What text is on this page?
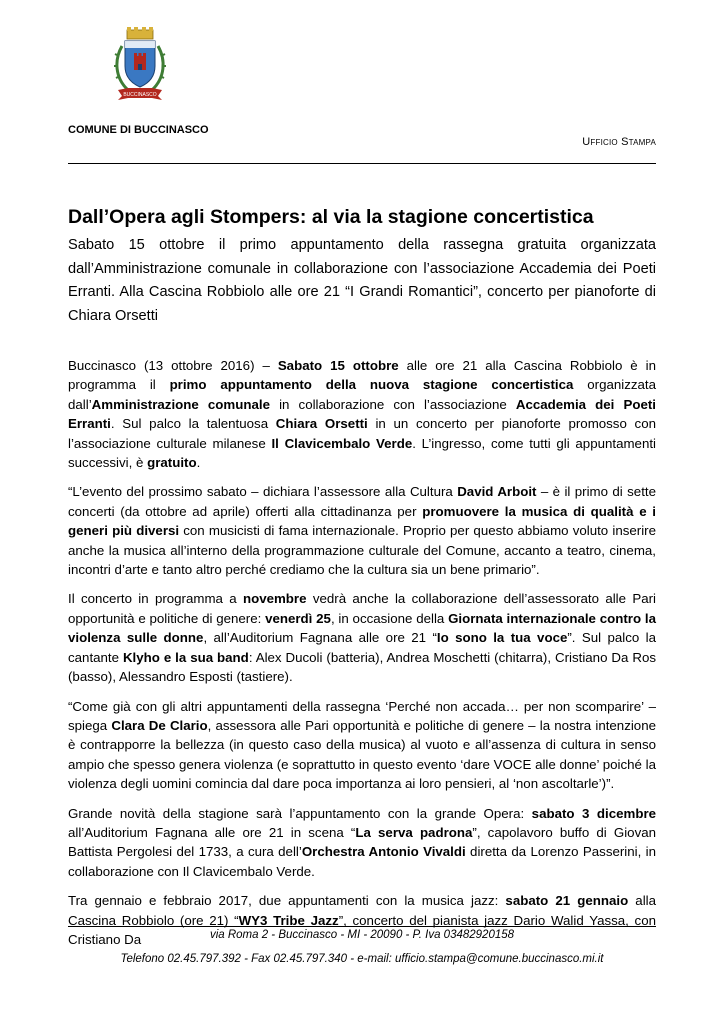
BUCCINASCO
COMUNE DI BUCCINASCO
Ufficio Stampa
Dall’Opera agli Stompers: al via la stagione concertistica
Sabato 15 ottobre il primo appuntamento della rassegna gratuita organizzata dall’Amministrazione comunale in collaborazione con l’associazione Accademia dei Poeti Erranti. Alla Cascina Robbiolo alle ore 21 “I Grandi Romantici”, concerto per pianoforte di Chiara Orsetti

Buccinasco (13 ottobre 2016) – Sabato 15 ottobre alle ore 21 alla Cascina Robbiolo è in programma il primo appuntamento della nuova stagione concertistica organizzata dall’Amministrazione comunale in collaborazione con l’associazione Accademia dei Poeti Erranti. Sul palco la talentuosa Chiara Orsetti in un concerto per pianoforte promosso con l’associazione culturale milanese Il Clavicembalo Verde. L’ingresso, come tutti gli appuntamenti successivi, è gratuito.

“L’evento del prossimo sabato – dichiara l’assessore alla Cultura David Arboit – è il primo di sette concerti (da ottobre ad aprile) offerti alla cittadinanza per promuovere la musica di qualità e i generi più diversi con musicisti di fama internazionale. Proprio per questo abbiamo voluto inserire anche la musica all’interno della programmazione culturale del Comune, accanto a teatro, cinema, incontri d’arte e tanto altro perché crediamo che la cultura sia un bene primario”.

Il concerto in programma a novembre vedrà anche la collaborazione dell’assessorato alle Pari opportunità e politiche di genere: venerdì 25, in occasione della Giornata internazionale contro la violenza sulle donne, all’Auditorium Fagnana alle ore 21 “Io sono la tua voce”. Sul palco la cantante Klyho e la sua band: Alex Ducoli (batteria), Andrea Moschetti (chitarra), Cristiano Da Ros (basso), Alessandro Esposti (tastiere).

“Come già con gli altri appuntamenti della rassegna ‘Perché non accada… per non scomparire’ – spiega Clara De Clario, assessora alle Pari opportunità e politiche di genere – la nostra intenzione è contrapporre la bellezza (in questo caso della musica) al vuoto e all’assenza di cultura in senso ampio che spesso genera violenza (e soprattutto in questo evento ‘dare VOCE alle donne’ poiché la violenza degli uomini comincia dal dare poca importanza ai loro pensieri, al ‘non ascoltarle’)”.

Grande novità della stagione sarà l’appuntamento con la grande Opera: sabato 3 dicembre all’Auditorium Fagnana alle ore 21 in scena “La serva padrona”, capolavoro buffo di Giovan Battista Pergolesi del 1733, a cura dell’Orchestra Antonio Vivaldi diretta da Lorenzo Passerini, in collaborazione con Il Clavicembalo Verde.

Tra gennaio e febbraio 2017, due appuntamenti con la musica jazz: sabato 21 gennaio alla Cascina Robbiolo (ore 21) “WY3 Tribe Jazz”, concerto del pianista jazz Dario Walid Yassa, con Cristiano Da	via Roma 2 - Buccinasco - MI - 20090 - P. Iva 03482920158
Telefono 02.45.797.392 - Fax 02.45.797.340 - e-mail: ufficio.stampa@comune.buccinasco.mi.it
